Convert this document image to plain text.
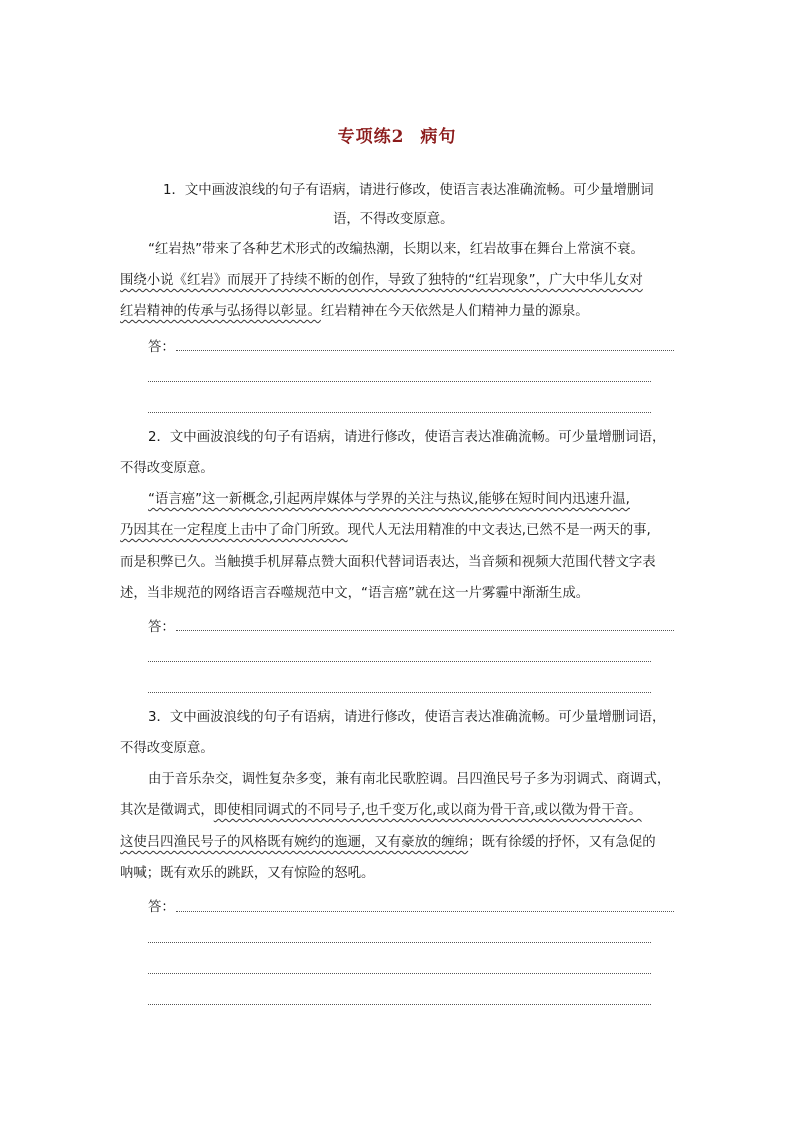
专项练2 病句
1．文中画波浪线的句子有语病，请进行修改，使语言表达准确流畅。可少量增删词
语，不得改变原意。
“红岩热”带来了各种艺术形式的改编热潮，长期以来，红岩故事在舞台上常演不衰。
围绕小说《红岩》而展开了持续不断的创作，导致了独特的“红岩现象”，广大中华儿女对
红岩精神的传承与弘扬得以彰显。红岩精神在今天依然是人们精神力量的源泉。
答：
2．文中画波浪线的句子有语病，请进行修改，使语言表达准确流畅。可少量增删词语，
不得改变原意。
“语言癌”这一新概念,引起两岸媒体与学界的关注与热议,能够在短时间内迅速升温,
乃因其在一定程度上击中了命门所致。现代人无法用精准的中文表达,已然不是一两天的事,
而是积弊已久。当触摸手机屏幕点赞大面积代替词语表达，当音频和视频大范围代替文字表
述，当非规范的网络语言吞噬规范中文，“语言癌”就在这一片雾霾中渐渐生成。
答：
3．文中画波浪线的句子有语病，请进行修改，使语言表达准确流畅。可少量增删词语，
不得改变原意。
由于音乐杂交，调性复杂多变，兼有南北民歌腔调。吕四渔民号子多为羽调式、商调式，
其次是徵调式，即使相同调式的不同号子,也千变万化,或以商为骨干音,或以徵为骨干音。
这使吕四渔民号子的风格既有婉约的迤逦，又有豪放的缠绵；既有徐缓的抒怀，又有急促的
呐喊；既有欢乐的跳跃，又有惊险的怒吼。
答：
